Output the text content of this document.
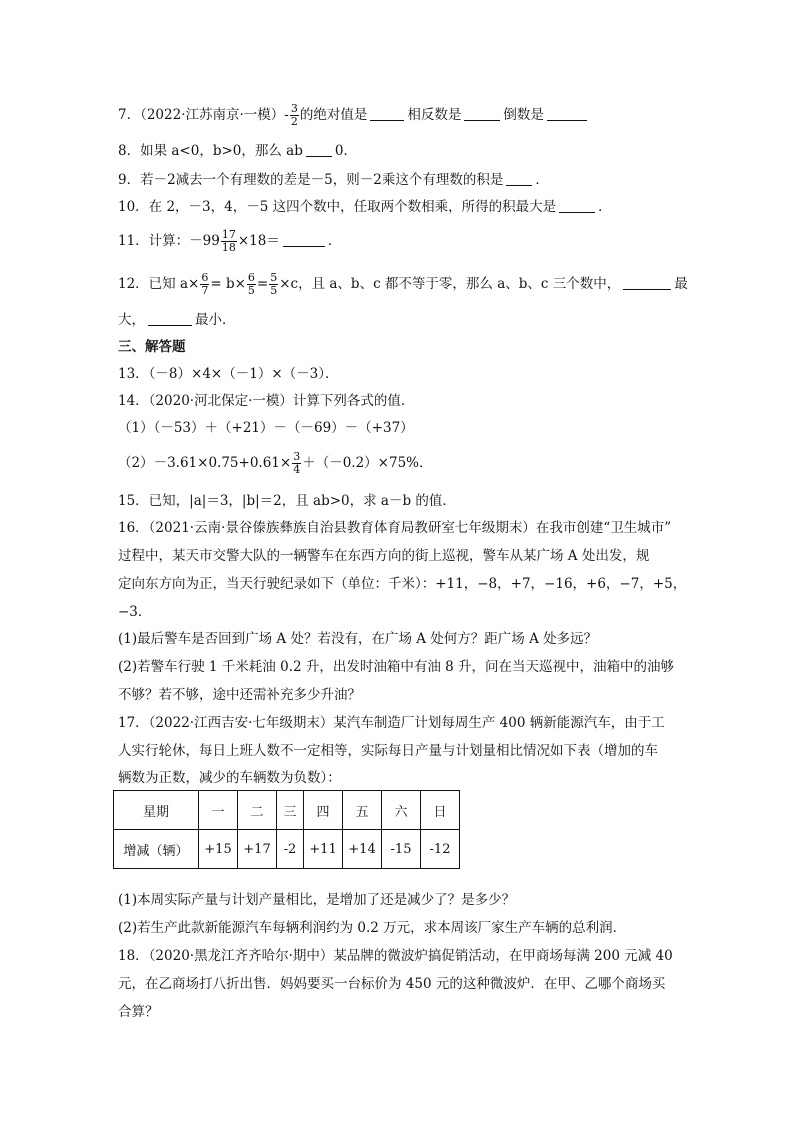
7．（2022·江苏南京·一模）- $\frac{3}{2}$ 的绝对值是	相反数是	倒数是
8．如果 a<0，b>0，那么 ab 0．
9．若－2减去一个有理数的差是－5，则－2乘这个有理数的积是 ．
10．在 2，－3，4，－5 这四个数中，任取两个数相乘，所得的积最大是	．
11．计算：$-99 \frac{17}{18} \times 18=$	．
12．已知 $a\times \frac{6}{7} = b\times \frac{6}{5} = \frac{5}{5} \times c$，且 a、b、c 都不等于零，那么 a、b、c 三个数中，	最
大，	最小．
三、解答题
13．（－8）×4×（－1）×（－3）．
14．（2020·河北保定·一模）计算下列各式的值．
（1）（－53）＋（+21）－（－69）－（+37）
$(2)-3.61\times 0.75+0.61\times \frac{3}{4} +(-0.2)\times 75\%$．
15．已知，|a|＝3，|b|＝2，且 ab>0，求 a－b 的值．
16．（2021·云南·景谷傣族彝族自治县教育体育局教研室七年级期末）在我市创建“卫生城市”
过程中，某天市交警大队的一辆警车在东西方向的街上巡视，警车从某广场 A 处出发，规
定向东方向为正，当天行驶纪录如下（单位：千米）：+11，−8，+7，−16，+6，−7，+5，
−3．
(1)最后警车是否回到广场 A 处？若没有，在广场 A 处何方？距广场 A 处多远？
(2)若警车行驶 1 千米耗油 0.2 升，出发时油箱中有油 8 升，问在当天巡视中，油箱中的油够
不够？若不够，途中还需补充多少升油？
17．（2022·江西吉安·七年级期末）某汽车制造厂计划每周生产 400 辆新能源汽车，由于工
人实行轮休，每日上班人数不一定相等，实际每日产量与计划量相比情况如下表（增加的车
辆数为正数，减少的车辆数为负数）：
星期	一	二	三	四	五	六	日
增减（辆）	+15	+17	-2	+11	+14	-15	-12
(1)本周实际产量与计划产量相比，是增加了还是减少了？是多少？
(2)若生产此款新能源汽车每辆利润约为 0.2 万元，求本周该厂家生产车辆的总利润．
18．（2020·黑龙江齐齐哈尔·期中）某品牌的微波炉搞促销活动，在甲商场每满 200 元减 40
元，在乙商场打八折出售．妈妈要买一台标价为 450 元的这种微波炉．在甲、乙哪个商场买
合算？
